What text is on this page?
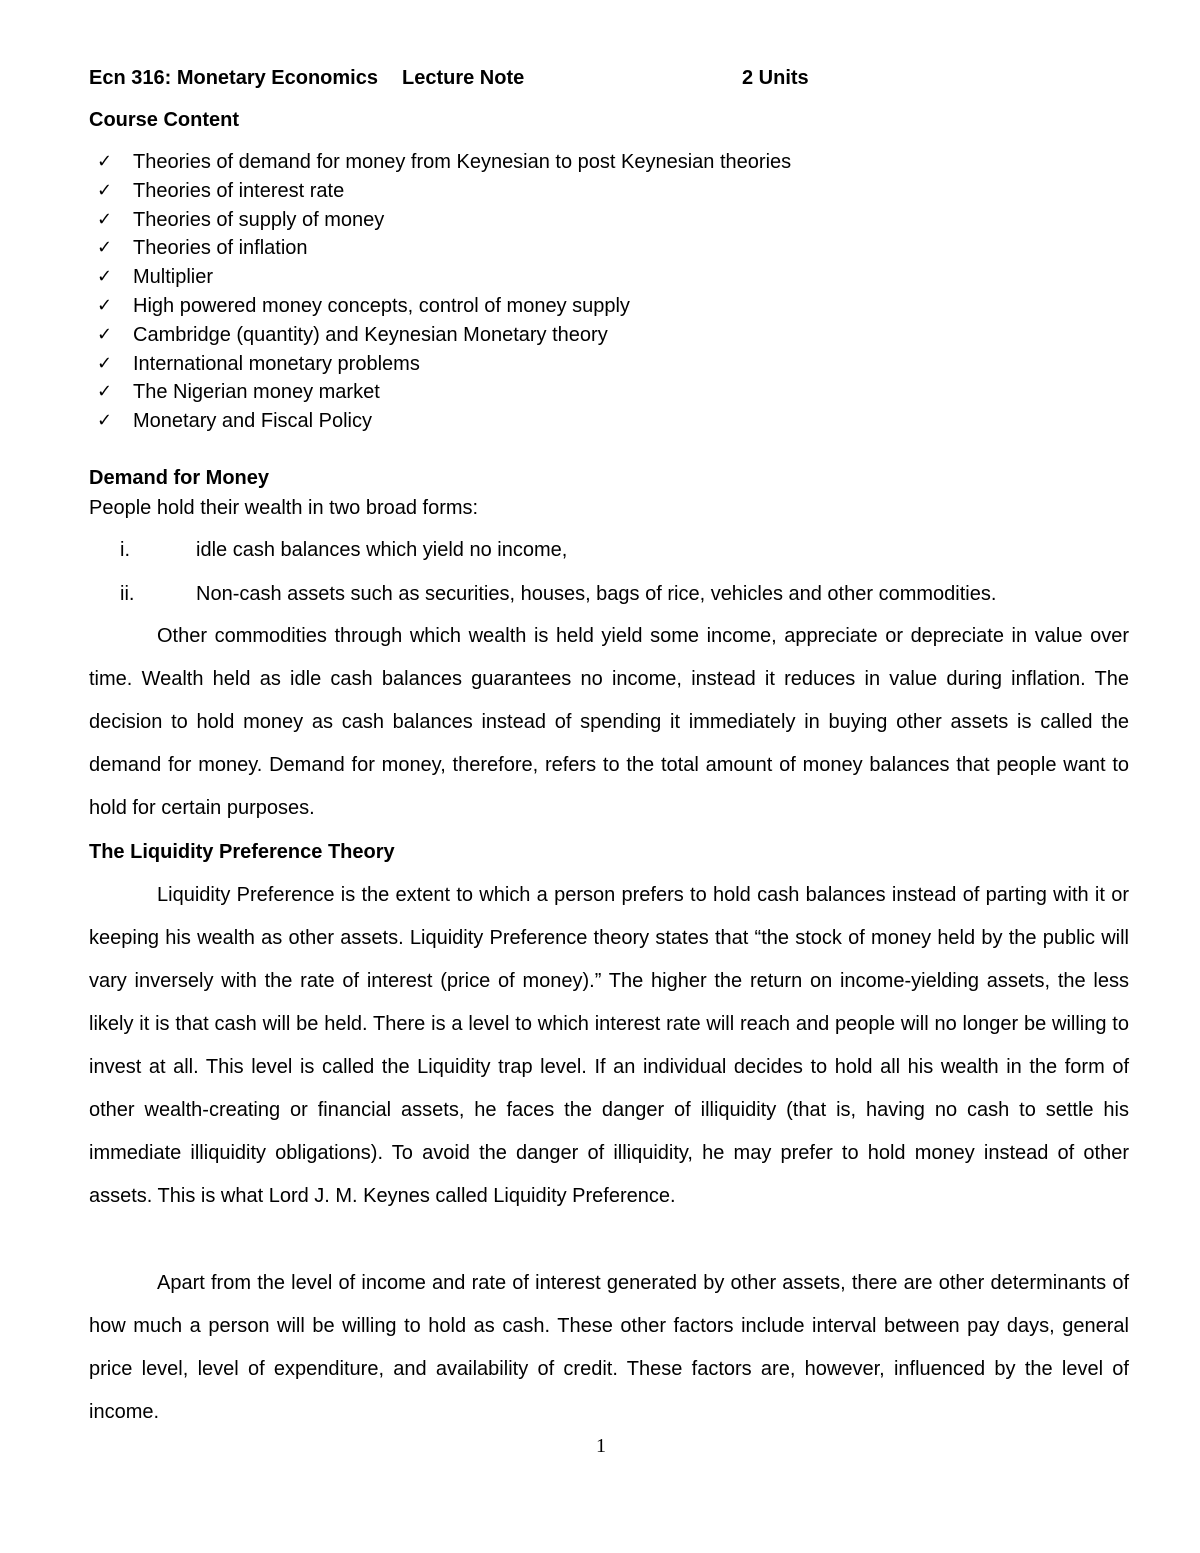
Ecn 316: Monetary Economics Lecture Note	2 Units
Course Content
✓ Theories of demand for money from Keynesian to post Keynesian theories
✓ Theories of interest rate
✓ Theories of supply of money
✓ Theories of inflation
✓ Multiplier
✓ High powered money concepts, control of money supply
✓ Cambridge (quantity) and Keynesian Monetary theory
✓ International monetary problems
✓ The Nigerian money market
✓ Monetary and Fiscal Policy
Demand for Money
People hold their wealth in two broad forms:
i.	idle cash balances which yield no income,
ii.	Non-cash assets such as securities, houses, bags of rice, vehicles and other commodities.

Other commodities through which wealth is held yield some income, appreciate or depreciate in value over time. Wealth held as idle cash balances guarantees no income, instead it reduces in value during inflation. The decision to hold money as cash balances instead of spending it immediately in buying other assets is called the demand for money. Demand for money, therefore, refers to the total amount of money balances that people want to hold for certain purposes.

The Liquidity Preference Theory

Liquidity Preference is the extent to which a person prefers to hold cash balances instead of parting with it or keeping his wealth as other assets. Liquidity Preference theory states that “the stock of money held by the public will vary inversely with the rate of interest (price of money).” The higher the return on income-yielding assets, the less likely it is that cash will be held. There is a level to which interest rate will reach and people will no longer be willing to invest at all. This level is called the Liquidity trap level. If an individual decides to hold all his wealth in the form of other wealth-creating or financial assets, he faces the danger of illiquidity (that is, having no cash to settle his immediate illiquidity obligations). To avoid the danger of illiquidity, he may prefer to hold money instead of other assets. This is what Lord J. M. Keynes called Liquidity Preference.

Apart from the level of income and rate of interest generated by other assets, there are other determinants of how much a person will be willing to hold as cash. These other factors include interval between pay days, general price level, level of expenditure, and availability of credit. These factors are, however, influenced by the level of income.

1
